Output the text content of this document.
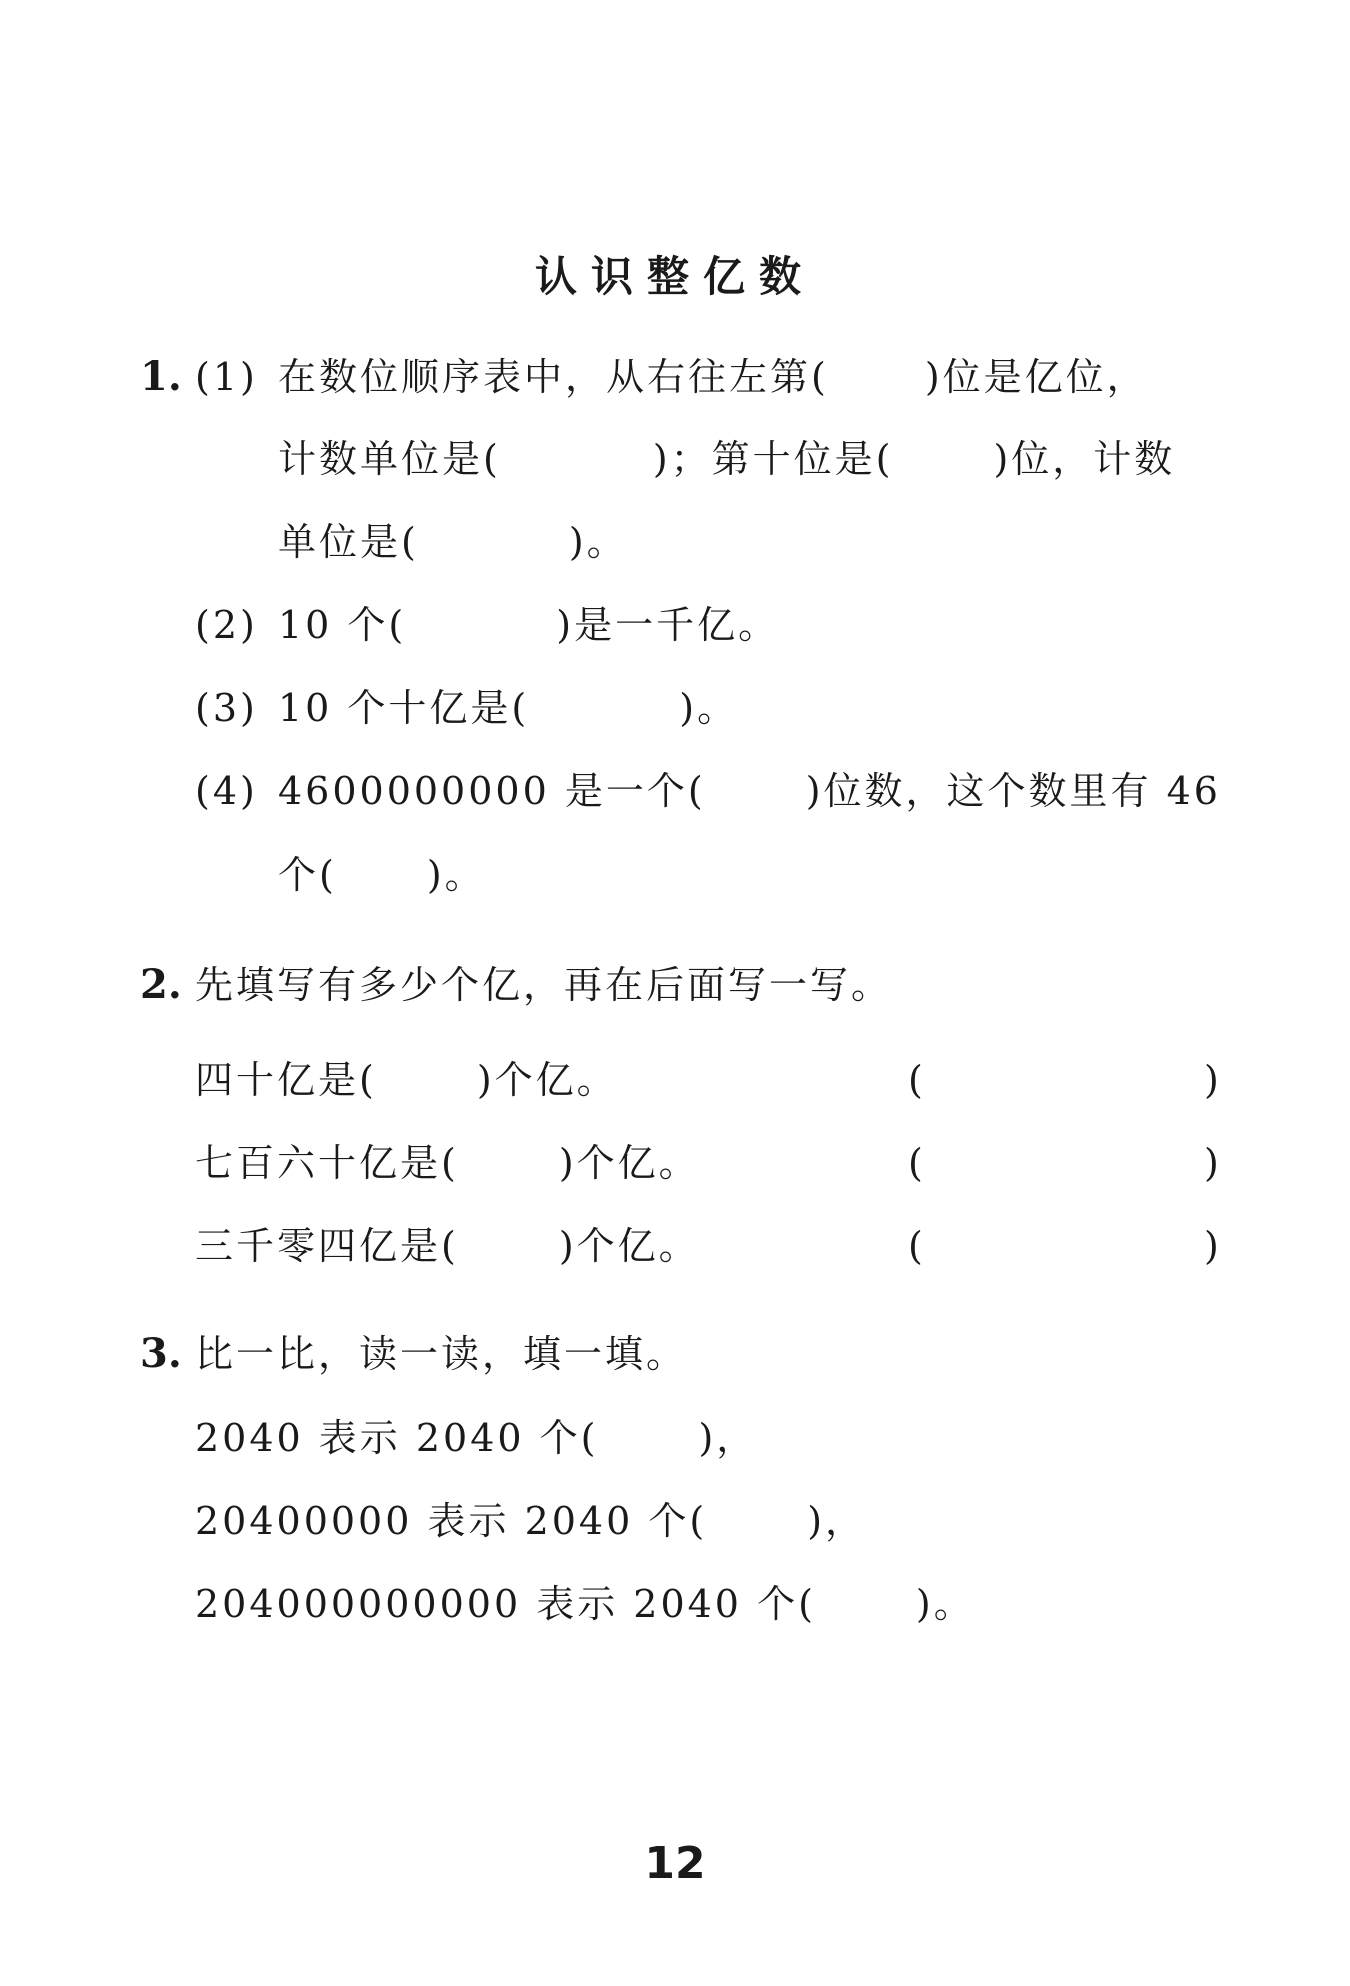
认识整亿数
1. (1) 在数位顺序表中，从右往左第(	)位是亿位，
计数单位是(	)；第十位是(	)位，计数
单位是(	)。
(2) 10 个(	)是一千亿。
(3) 10 个十亿是(	)。
(4) 4600000000 是一个(	)位数，这个数里有 46
个( )。
2. 先填写有多少个亿，再在后面写一写。
四十亿是(	)个亿。	(	)
七百六十亿是(	)个亿。	(	)
三千零四亿是(	)个亿。	(	)
3. 比一比，读一读，填一填。
2040 表示 2040 个(	)，
20400000 表示 2040 个(	)，
204000000000 表示 2040 个(	)。
12
